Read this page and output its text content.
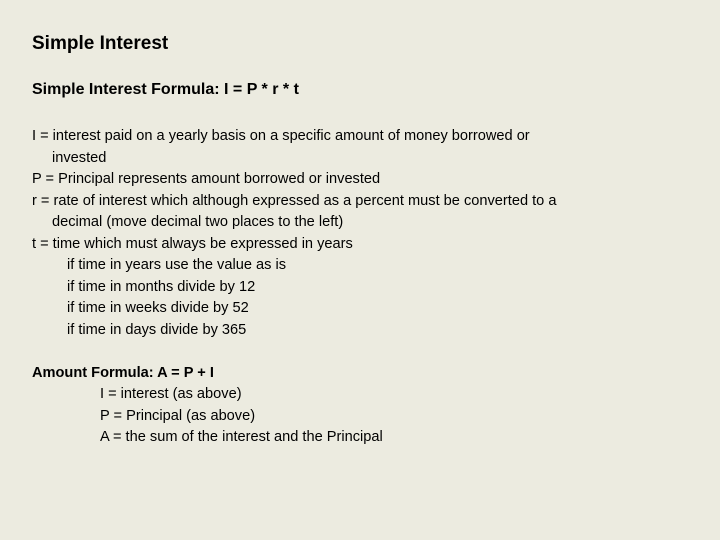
Simple Interest
Simple Interest Formula: I = P * r * t

I = interest paid on a yearly basis on a specific amount of money borrowed or

invested

P = Principal represents amount borrowed or invested

r = rate of interest which although expressed as a percent must be converted to a

decimal (move decimal two places to the left)

t = time which must always be expressed in years

if time in years use the value as is

if time in months divide by 12

if time in weeks divide by 52

if time in days divide by 365

Amount Formula: A = P + I

I = interest (as above)

P = Principal (as above)

A = the sum of the interest and the Principal
